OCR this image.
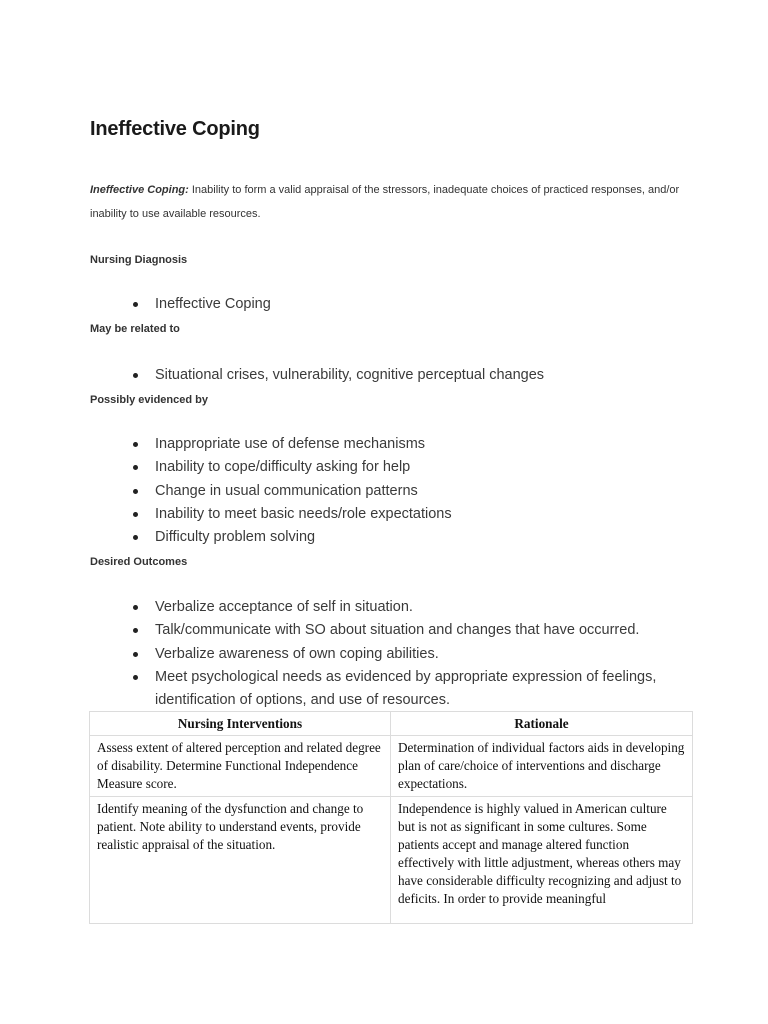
Ineffective Coping
Ineffective Coping: Inability to form a valid appraisal of the stressors, inadequate choices of practiced responses, and/or inability to use available resources.
Nursing Diagnosis
Ineffective Coping
May be related to
Situational crises, vulnerability, cognitive perceptual changes
Possibly evidenced by
Inappropriate use of defense mechanisms
Inability to cope/difficulty asking for help
Change in usual communication patterns
Inability to meet basic needs/role expectations
Difficulty problem solving
Desired Outcomes
Verbalize acceptance of self in situation.
Talk/communicate with SO about situation and changes that have occurred.
Verbalize awareness of own coping abilities.
Meet psychological needs as evidenced by appropriate expression of feelings, identification of options, and use of resources.
Nursing Interventions	Rationale
Assess extent of altered perception and related degree of disability. Determine Functional Independence Measure score.	Determination of individual factors aids in developing plan of care/choice of interventions and discharge expectations.

Identify meaning of the dysfunction and change to patient. Note ability to understand events, provide realistic appraisal of the situation.	Independence is highly valued in American culture but is not as significant in some cultures. Some patients accept and manage altered function effectively with little adjustment, whereas others may have considerable difficulty recognizing and adjust to deficits. In order to provide meaningful
